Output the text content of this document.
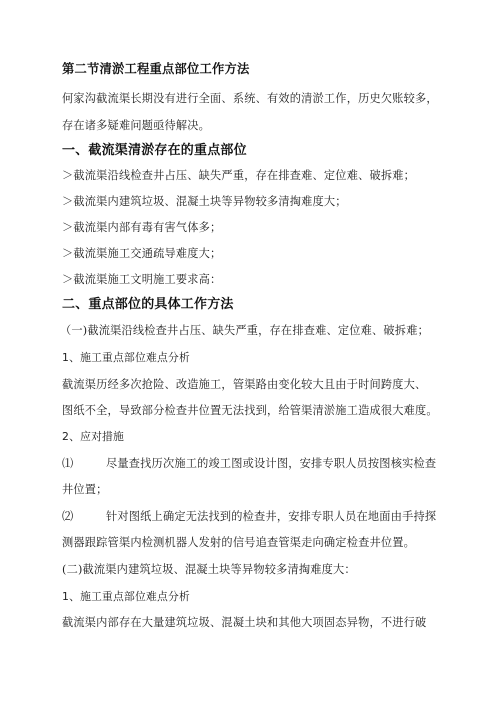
第二节清淤工程重点部位工作方法
何家沟截流渠长期没有进行全面、系统、有效的清淤工作，历史欠账较多，
存在诸多疑难问题亟待解决。
一、截流渠清淤存在的重点部位
＞截流渠沿线检查井占压、缺失严重，存在排查难、定位难、破拆难；
＞截流渠内建筑垃圾、混凝土块等异物较多清掏难度大；
＞截流渠内部有毒有害气体多；
＞截流渠施工交通疏导难度大；
＞截流渠施工文明施工要求高：
二、重点部位的具体工作方法
（一)截流渠沿线检查井占压、缺失严重，存在排查难、定位难、破拆难；
1、施工重点部位难点分析
截流渠历经多次抢险、改造施工，管渠路由变化较大且由于时间跨度大、
图纸不全，导致部分检查井位置无法找到，给管渠清淤施工造成很大难度。
2、应对措施
⑴	尽量查找历次施工的竣工图或设计图，安排专职人员按图核实检查
井位置；
⑵	针对图纸上确定无法找到的检查井，安排专职人员在地面由手持探
测器跟踪管渠内检测机器人发射的信号追查管渠走向确定检查井位置。
(二)截流渠内建筑垃圾、混凝土块等异物较多清掏难度大：
1、施工重点部位难点分析
截流渠内部存在大量建筑垃圾、混凝土块和其他大项固态异物，不进行破
